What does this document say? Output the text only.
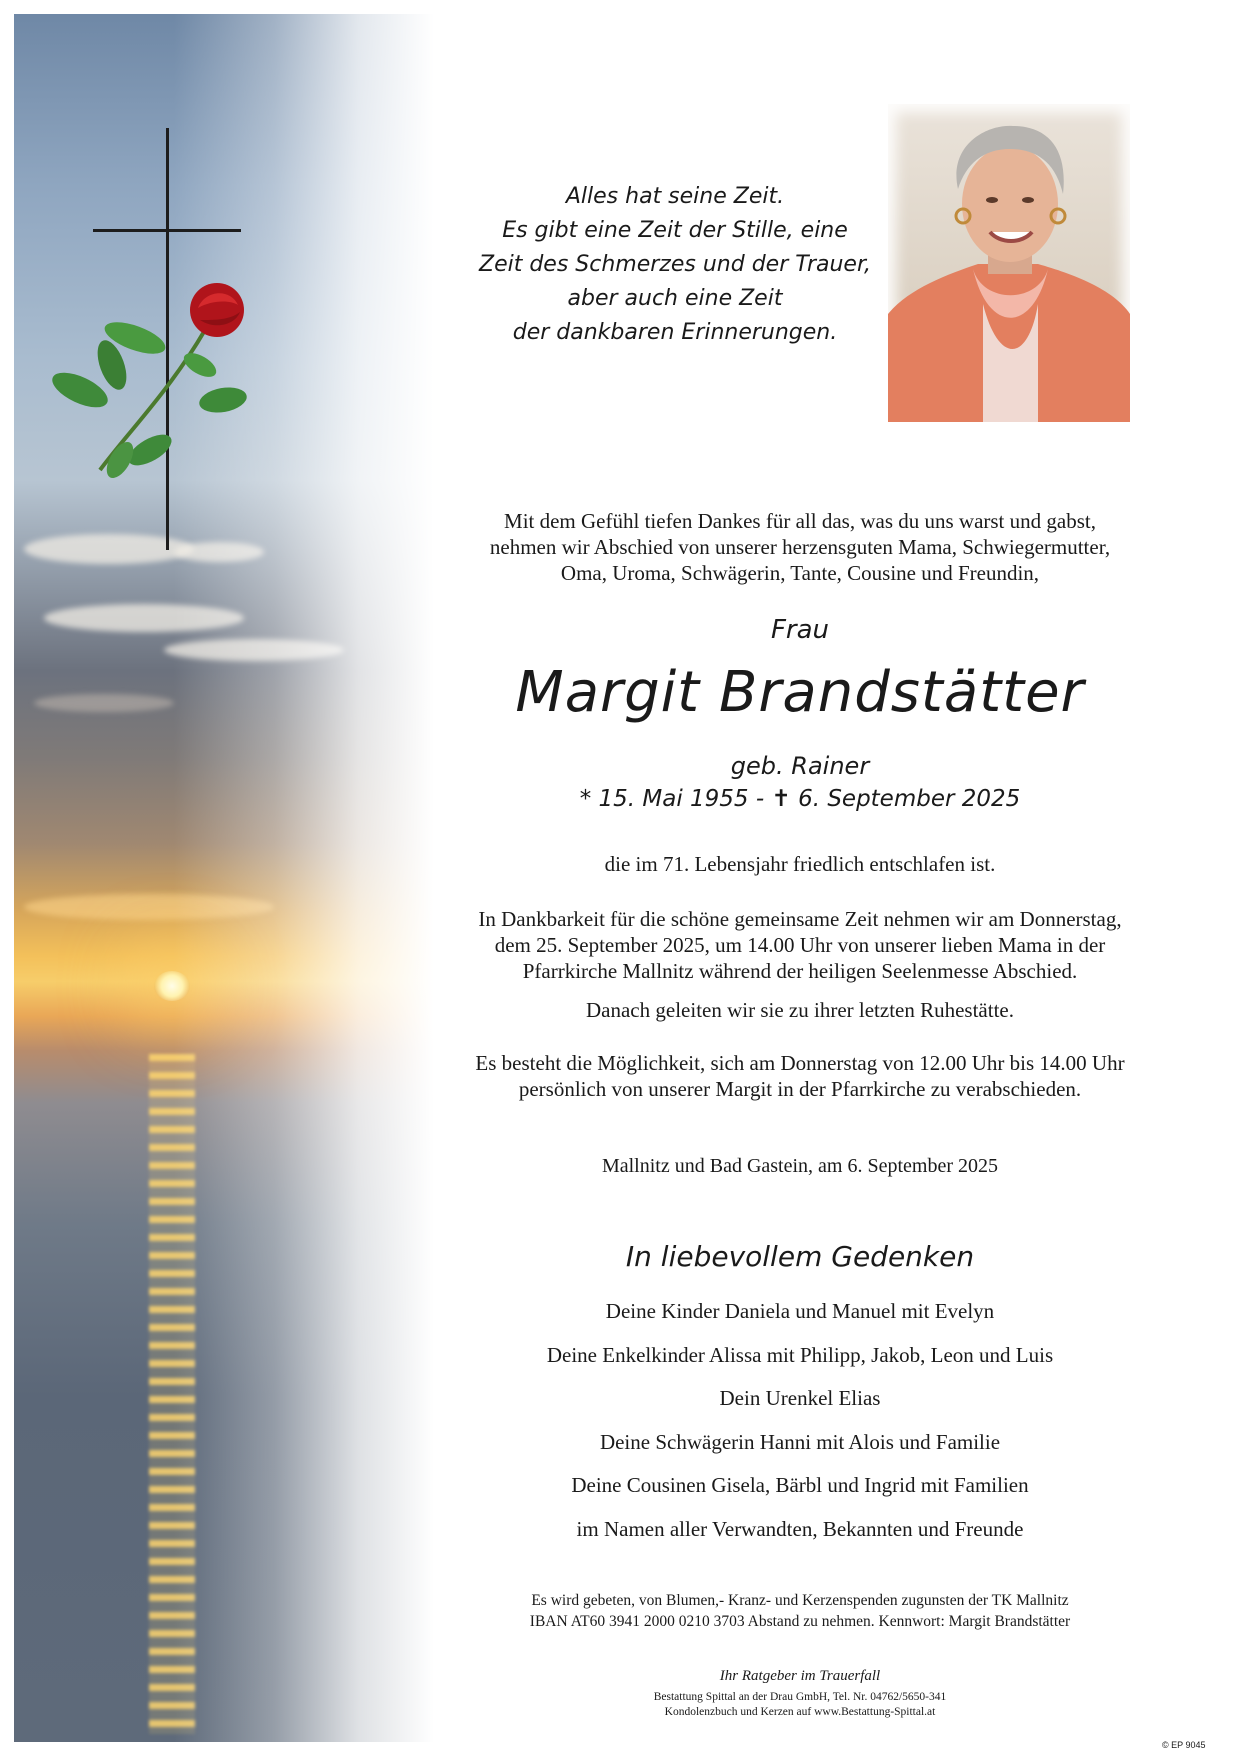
Alles hat seine Zeit.
Es gibt eine Zeit der Stille, eine
Zeit des Schmerzes und der Trauer,
aber auch eine Zeit
der dankbaren Erinnerungen.
Mit dem Gefühl tiefen Dankes für all das, was du uns warst und gabst,
nehmen wir Abschied von unserer herzensguten Mama, Schwiegermutter,
Oma, Uroma, Schwägerin, Tante, Cousine und Freundin,

Frau

Margit Brandstätter

geb. Rainer

* 15. Mai 1955 - ✝ 6. September 2025

die im 71. Lebensjahr friedlich entschlafen ist.

In Dankbarkeit für die schöne gemeinsame Zeit nehmen wir am Donnerstag,
dem 25. September 2025, um 14.00 Uhr von unserer lieben Mama in der
Pfarrkirche Mallnitz während der heiligen Seelenmesse Abschied.

Danach geleiten wir sie zu ihrer letzten Ruhestätte.

Es besteht die Möglichkeit, sich am Donnerstag von 12.00 Uhr bis 14.00 Uhr
persönlich von unserer Margit in der Pfarrkirche zu verabschieden.

Mallnitz und Bad Gastein, am 6. September 2025

In liebevollem Gedenken

Deine Kinder Daniela und Manuel mit Evelyn
Deine Enkelkinder Alissa mit Philipp, Jakob, Leon und Luis
Dein Urenkel Elias
Deine Schwägerin Hanni mit Alois und Familie
Deine Cousinen Gisela, Bärbl und Ingrid mit Familien
im Namen aller Verwandten, Bekannten und Freunde
Es wird gebeten, von Blumen,- Kranz- und Kerzenspenden zugunsten der TK Mallnitz
IBAN AT60 3941 2000 0210 3703 Abstand zu nehmen. Kennwort: Margit Brandstätter

Ihr Ratgeber im Trauerfall

Bestattung Spittal an der Drau GmbH, Tel. Nr. 04762/5650-341
Kondolenzbuch und Kerzen auf www.Bestattung-Spittal.at

© EP 9045
